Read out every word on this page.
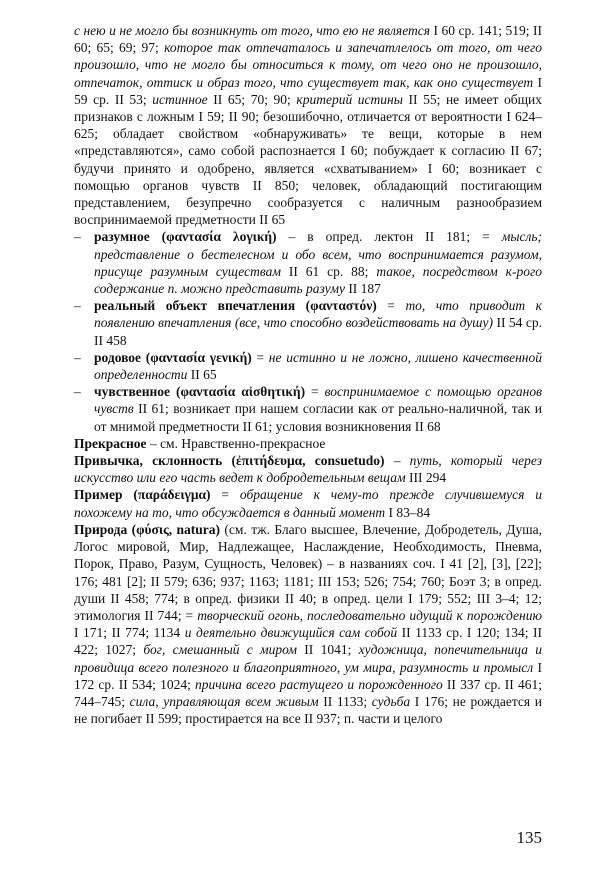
с нею и не могло бы возникнуть от того, что ею не является I 60 ср. 141; 519; II 60; 65; 69; 97; которое так отпечаталось и запечатлелось от того, от чего произошло, что не могло бы относиться к тому, от чего оно не произошло, отпечаток, оттиск и образ того, что существует так, как оно существует I 59 ср. II 53; истинное II 65; 70; 90; критерий истины II 55; не имеет общих признаков с ложным I 59; II 90; безошибочно, отличается от вероятности I 624–625; обладает свойством «обнаруживать» те вещи, которые в нем «представляются», само собой распознается I 60; побуждает к согласию II 67; будучи принято и одобрено, является «схватыванием» I 60; возникает с помощью органов чувств II 850; человек, обладающий постигающим представлением, безупречно сообразуется с наличным разнообразием воспринимаемой предметности II 65

– разумное (φαντασία λογική) – в опред. лектон II 181; = мысль; представление о бестелесном и обо всем, что воспринимается разумом, присуще разумным существам II 61 ср. 88; такое, посредством к-рого содержание п. можно представить разуму II 187

– реальный объект впечатления (φανταστόν) = то, что приводит к появлению впечатления (все, что способно воздействовать на душу) II 54 ср. II 458

– родовое (φαντασία γενική) = не истинно и не ложно, лишено качественной определенности II 65

– чувственное (φαντασία αἰσθητική) = воспринимаемое с помощью органов чувств II 61; возникает при нашем согласии как от реально-наличной, так и от мнимой предметности II 61; условия возникновения II 68

Прекрасное – см. Нравственно-прекрасное

Привычка, склонность (ἐπιτήδευμα, consuetudo) – путь, который через искусство или его часть ведет к добродетельным вещам III 294

Пример (παράδειγμα) = обращение к чему-то прежде случившемуся и похожему на то, что обсуждается в данный момент I 83–84

Природа (φύσις, natura) (см. тж. Благо высшее, Влечение, Добродетель, Душа, Логос мировой, Мир, Надлежащее, Наслаждение, Необходимость, Пневма, Порок, Право, Разум, Сущность, Человек) – в названиях соч. I 41 [2], [3], [22]; 176; 481 [2]; II 579; 636; 937; 1163; 1181; III 153; 526; 754; 760; Боэт 3; в опред. души II 458; 774; в опред. физики II 40; в опред. цели I 179; 552; III 3–4; 12; этимология II 744; = творческий огонь, последовательно идущий к порождению I 171; II 774; 1134 и деятельно движущийся сам собой II 1133 ср. I 120; 134; II 422; 1027; бог, смешанный с миром II 1041; художница, попечительница и провидица всего полезного и благоприятного, ум мира, разумность и промысл I 172 ср. II 534; 1024; причина всего растущего и порожденного II 337 ср. II 461; 744–745; сила, управляющая всем живым II 1133; судьба I 176; не рождается и не погибает II 599; простирается на все II 937; п. части и целого

135
